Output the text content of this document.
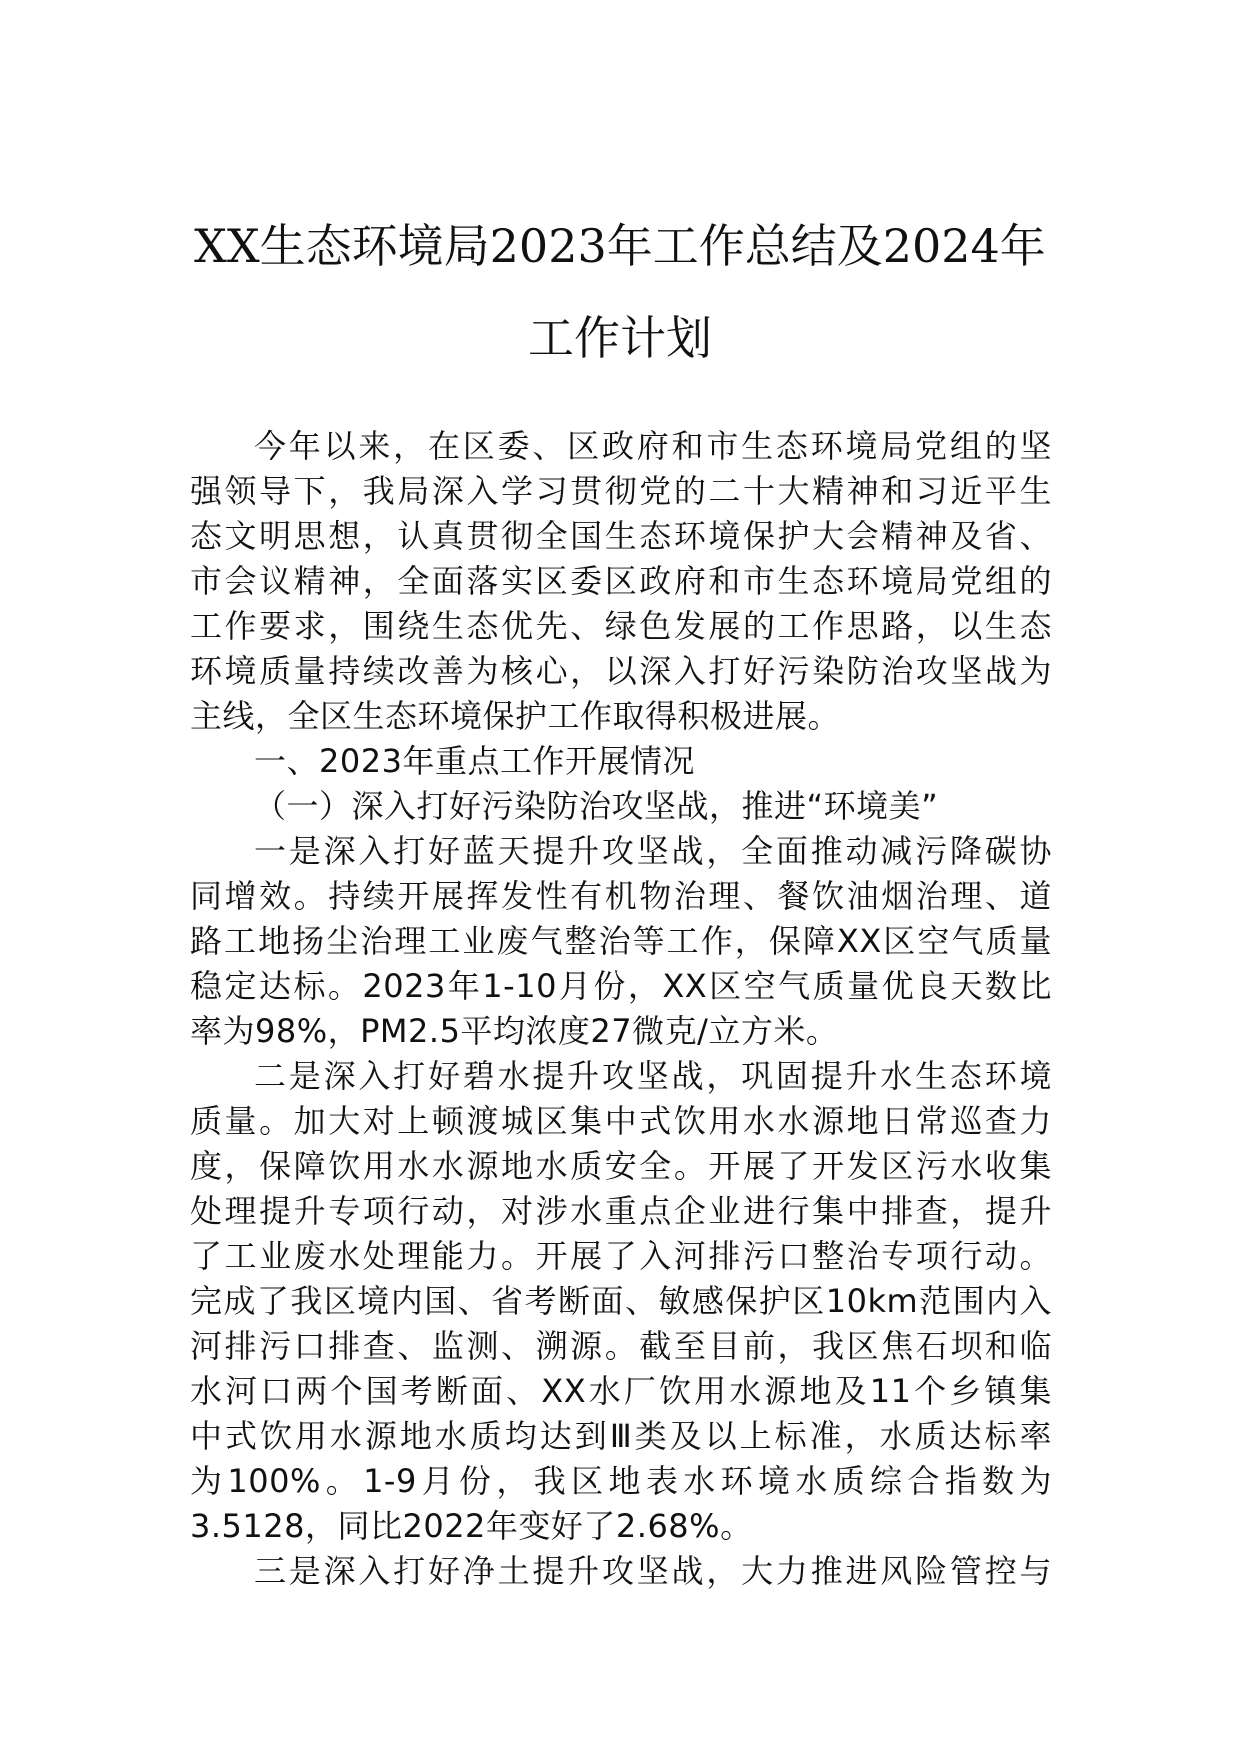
XX生态环境局2023年工作总结及2024年
工作计划
今年以来，在区委、区政府和市生态环境局党组的坚
强领导下，我局深入学习贯彻党的二十大精神和习近平生
态文明思想，认真贯彻全国生态环境保护大会精神及省、
市会议精神，全面落实区委区政府和市生态环境局党组的
工作要求，围绕生态优先、绿色发展的工作思路，以生态
环境质量持续改善为核心，以深入打好污染防治攻坚战为
主线，全区生态环境保护工作取得积极进展。
一、2023年重点工作开展情况
（一）深入打好污染防治攻坚战，推进“环境美”
一是深入打好蓝天提升攻坚战，全面推动减污降碳协
同增效。持续开展挥发性有机物治理、餐饮油烟治理、道
路工地扬尘治理工业废气整治等工作，保障XX区空气质量
稳定达标。2023年1-10月份，XX区空气质量优良天数比
率为98%，PM2.5平均浓度27微克/立方米。
二是深入打好碧水提升攻坚战，巩固提升水生态环境
质量。加大对上顿渡城区集中式饮用水水源地日常巡查力
度，保障饮用水水源地水质安全。开展了开发区污水收集
处理提升专项行动，对涉水重点企业进行集中排查，提升
了工业废水处理能力。开展了入河排污口整治专项行动。
完成了我区境内国、省考断面、敏感保护区10km范围内入
河排污口排查、监测、溯源。截至目前，我区焦石坝和临
水河口两个国考断面、XX水厂饮用水源地及11个乡镇集
中式饮用水源地水质均达到Ⅲ类及以上标准，水质达标率
为100%。1-9月份，我区地表水环境水质综合指数为
3.5128，同比2022年变好了2.68%。
三是深入打好净土提升攻坚战，大力推进风险管控与
